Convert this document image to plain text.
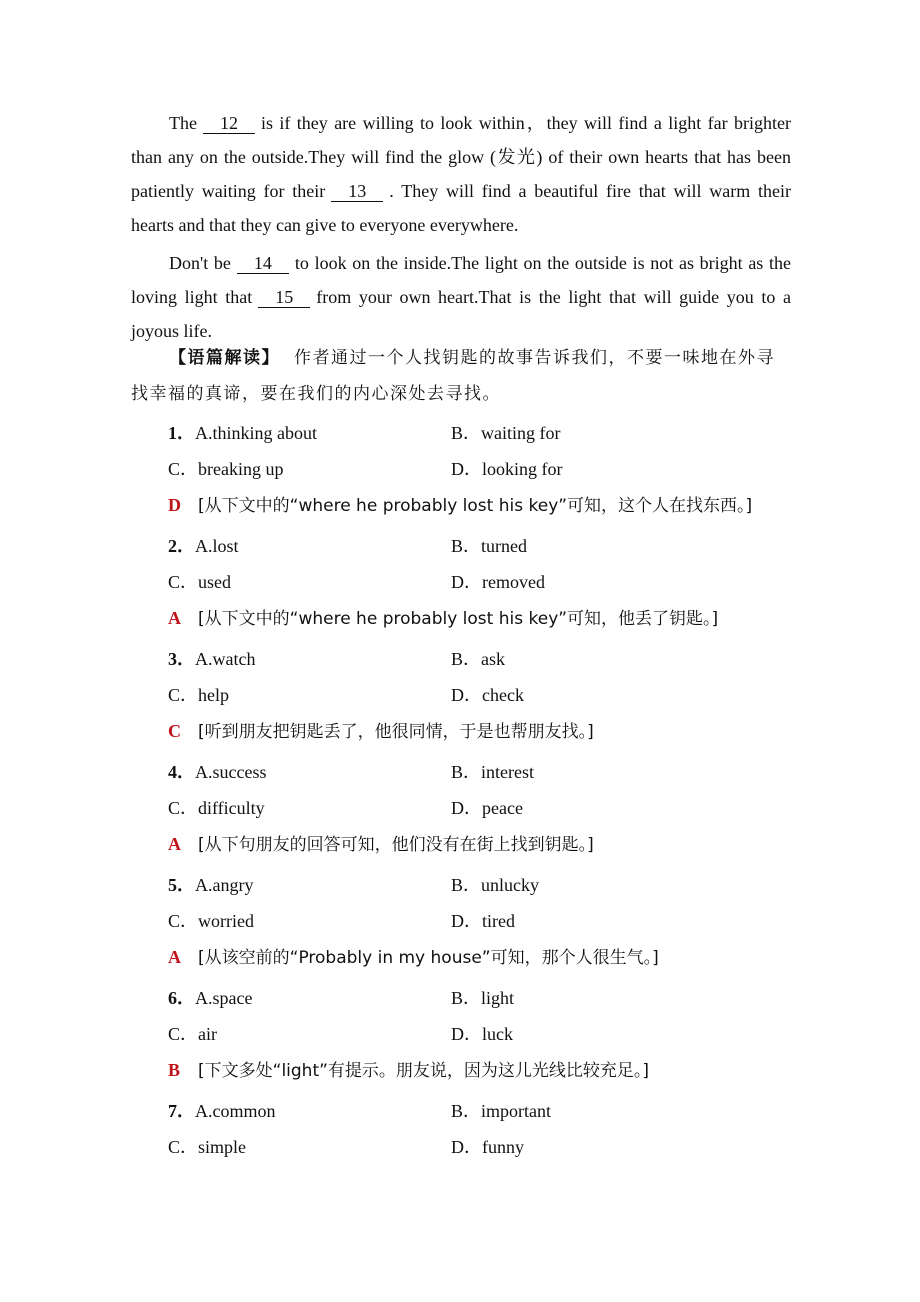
The 12 is if they are willing to look within，they will find a light far brighter than any on the outside.They will find the glow (发光) of their own hearts that has been patiently waiting for their 13 . They will find a beautiful fire that will warm their hearts and that they can give to everyone everywhere.

Don't be 14 to look on the inside.The light on the outside is not as bright as the loving light that 15 from your own heart.That is the light that will guide you to a joyous life.

【语篇解读】 作者通过一个人找钥匙的故事告诉我们，不要一味地在外寻找幸福的真谛，要在我们的内心深处去寻找。
1．A.thinking about	B．waiting for
C．breaking up	D．looking for
D [从下文中的“where he probably lost his key”可知，这个人在找东西。]
2．A.lost	B．turned
C．used	D．removed
A [从下文中的“where he probably lost his key”可知，他丢了钥匙。]
3．A.watch	B．ask
C．help	D．check
C [听到朋友把钥匙丢了，他很同情，于是也帮朋友找。]
4．A.success	B．interest
C．difficulty	D．peace
A [从下句朋友的回答可知，他们没有在街上找到钥匙。]
5．A.angry	B．unlucky
C．worried	D．tired
A [从该空前的“Probably in my house”可知，那个人很生气。]
6．A.space	B．light
C．air	D．luck
B [下文多处“light”有提示。朋友说，因为这儿光线比较充足。]
7．A.common	B．important
C．simple	D．funny
